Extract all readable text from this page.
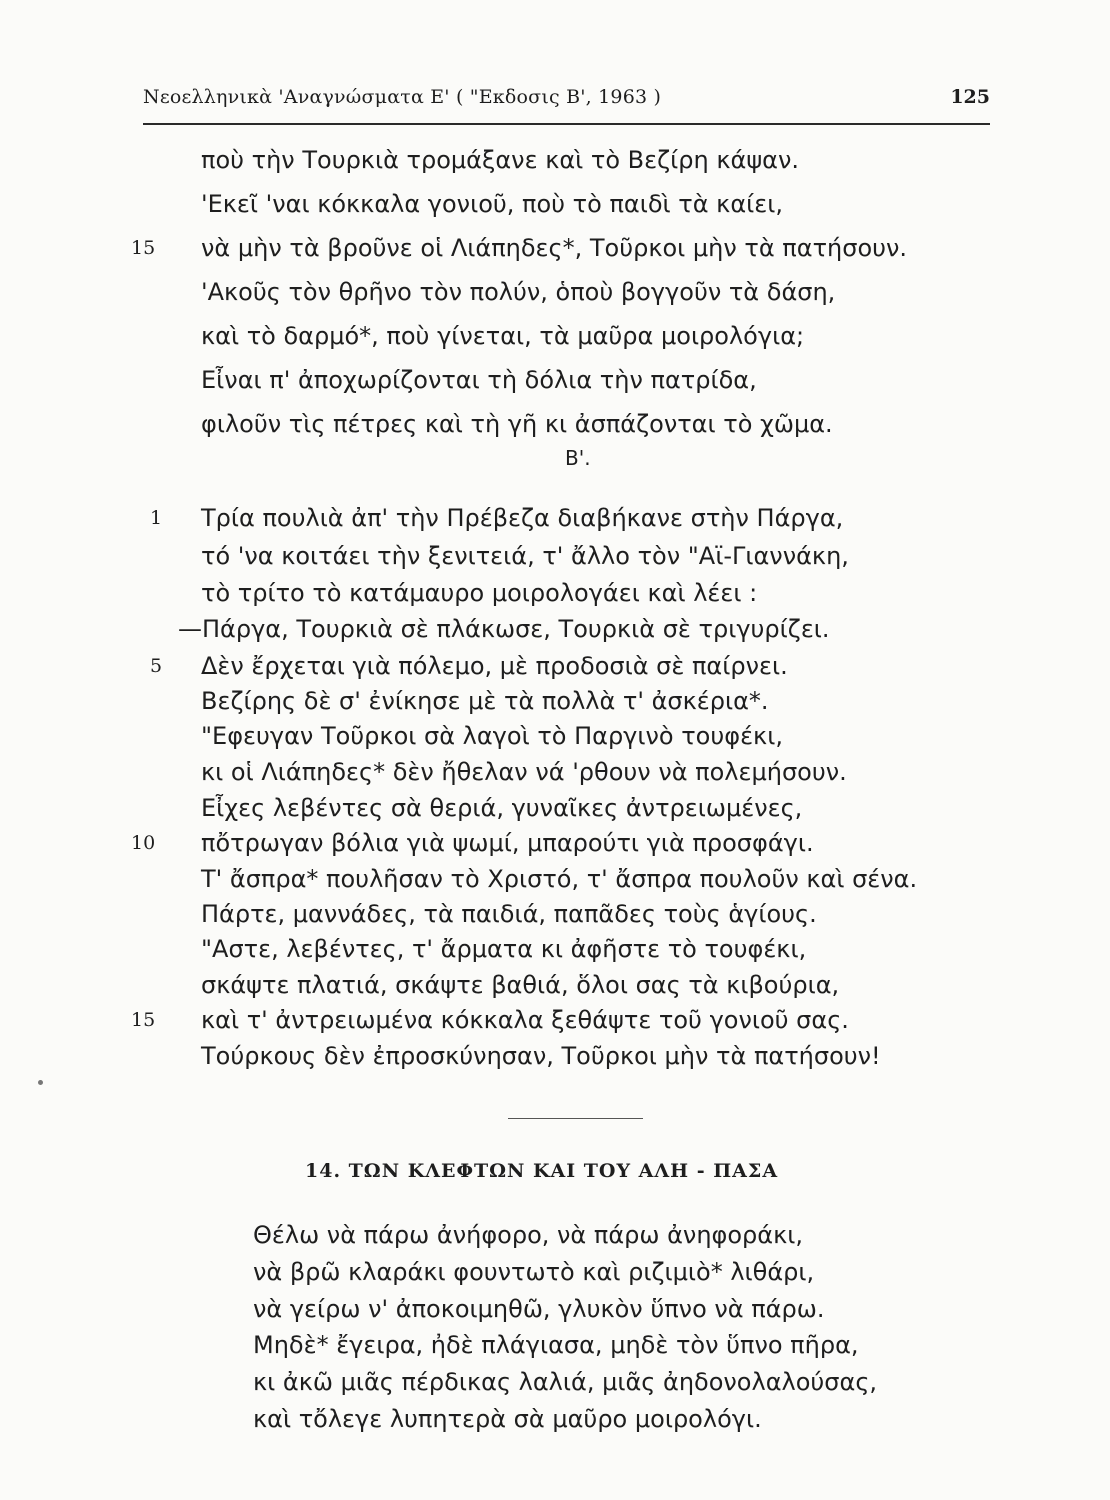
Νεοελληνικὰ 'Αναγνώσματα Ε' ( "Εκδοσις Β', 1963 )	125
15
ποὺ τὴν Τουρκιὰ τρομάξανε καὶ τὸ Βεζίρη κάψαν.
'Εκεῖ 'ναι κόκκαλα γονιοῦ, ποὺ τὸ παιδὶ τὰ καίει,
νὰ μὴν τὰ βροῦνε οἱ Λιάπηδες*, Τοῦρκοι μὴν τὰ πατήσουν.
'Ακοῦς τὸν θρῆνο τὸν πολύν, ὁποὺ βογγοῦν τὰ δάση,
καὶ τὸ δαρμό*, ποὺ γίνεται, τὰ μαῦρα μοιρολόγια;
Εἶναι π' ἀποχωρίζονται τὴ δόλια τὴν πατρίδα,
φιλοῦν τὶς πέτρες καὶ τὴ γῆ κι ἀσπάζονται τὸ χῶμα.
Β'.
1
5
10
15
Τρία πουλιὰ ἀπ' τὴν Πρέβεζα διαβήκανε στὴν Πάργα,
τό 'να κοιτάει τὴν ξενιτειά, τ' ἄλλο τὸν "Αϊ-Γιαννάκη,
τὸ τρίτο τὸ κατάμαυρο μοιρολογάει καὶ λέει :
—Πάργα, Τουρκιὰ σὲ πλάκωσε, Τουρκιὰ σὲ τριγυρίζει.
Δὲν ἔρχεται γιὰ πόλεμο, μὲ προδοσιὰ σὲ παίρνει.
Βεζίρης δὲ σ' ἐνίκησε μὲ τὰ πολλὰ τ' ἀσκέρια*.
"Εφευγαν Τοῦρκοι σὰ λαγοὶ τὸ Παργινὸ τουφέκι,
κι οἱ Λιάπηδες* δὲν ἤθελαν νά 'ρθουν νὰ πολεμήσουν.
Εἶχες λεβέντες σὰ θεριά, γυναῖκες ἀντρειωμένες,
πὄτρωγαν βόλια γιὰ ψωμί, μπαρούτι γιὰ προσφάγι.
Τ' ἄσπρα* πουλῆσαν τὸ Χριστό, τ' ἄσπρα πουλοῦν καὶ σένα.
Πάρτε, μαννάδες, τὰ παιδιά, παπᾶδες τοὺς ἁγίους.
"Αστε, λεβέντες, τ' ἄρματα κι ἀφῆστε τὸ τουφέκι,
σκάψτε πλατιά, σκάψτε βαθιά, ὅλοι σας τὰ κιβούρια,
καὶ τ' ἀντρειωμένα κόκκαλα ξεθάψτε τοῦ γονιοῦ σας.
Τούρκους δὲν ἐπροσκύνησαν, Τοῦρκοι μὴν τὰ πατήσουν!
14. ΤΩΝ ΚΛΕΦΤΩΝ ΚΑΙ ΤΟΥ ΑΛΗ - ΠΑΣΑ
Θέλω νὰ πάρω ἀνήφορο, νὰ πάρω ἀνηφοράκι,
νὰ βρῶ κλαράκι φουντωτὸ καὶ ριζιμιὸ* λιθάρι,
νὰ γείρω ν' ἀποκοιμηθῶ, γλυκὸν ὕπνο νὰ πάρω.
Μηδὲ* ἔγειρα, ἠδὲ πλάγιασα, μηδὲ τὸν ὕπνο πῆρα,
κι ἀκῶ μιᾶς πέρδικας λαλιά, μιᾶς ἀηδονολαλούσας,
καὶ τὄλεγε λυπητερὰ σὰ μαῦρο μοιρολόγι.
